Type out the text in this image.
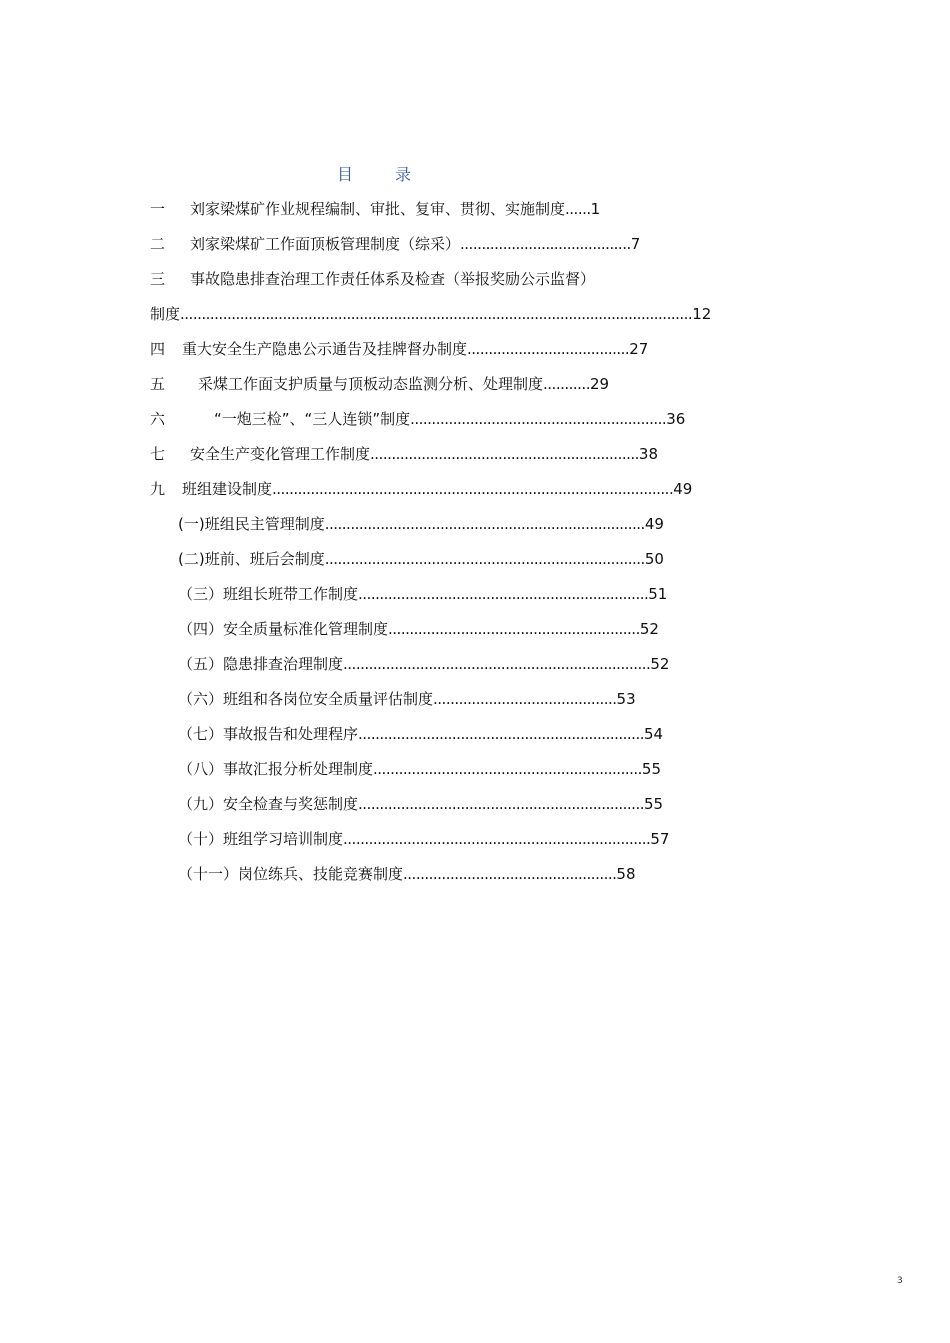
目	录
一	刘家梁煤矿作业规程编制、审批、复审、贯彻、实施制度 ...... 1
二	刘家梁煤矿工作面顶板管理制度（综采） ........................................ 7
三	事故隐患排查治理工作责任体系及检查（举报奖励公示监督）
制度 ........................................................................................................................ 12
四	重大安全生产隐患公示通告及挂牌督办制度 ...................................... 27
五	采煤工作面支护质量与顶板动态监测分析、处理制度 ........... 29
六	“一炮三检”、“三人连锁”制度 ............................................................ 36
七	安全生产变化管理工作制度 ............................................................... 38
九	班组建设制度 .............................................................................................. 49
(一)班组民主管理制度 ........................................................................... 49
(二)班前、班后会制度 ........................................................................... 50
（三）班组长班带工作制度 .................................................................... 51
（四）安全质量标准化管理制度 ........................................................... 52
（五）隐患排查治理制度 ........................................................................ 52
（六）班组和各岗位安全质量评估制度 ........................................... 53
（七）事故报告和处理程序 ................................................................... 54
（八）事故汇报分析处理制度 ............................................................... 55
（九）安全检查与奖惩制度 ................................................................... 55
（十）班组学习培训制度 ........................................................................ 57
（十一）岗位练兵、技能竞赛制度 .................................................. 58
3
